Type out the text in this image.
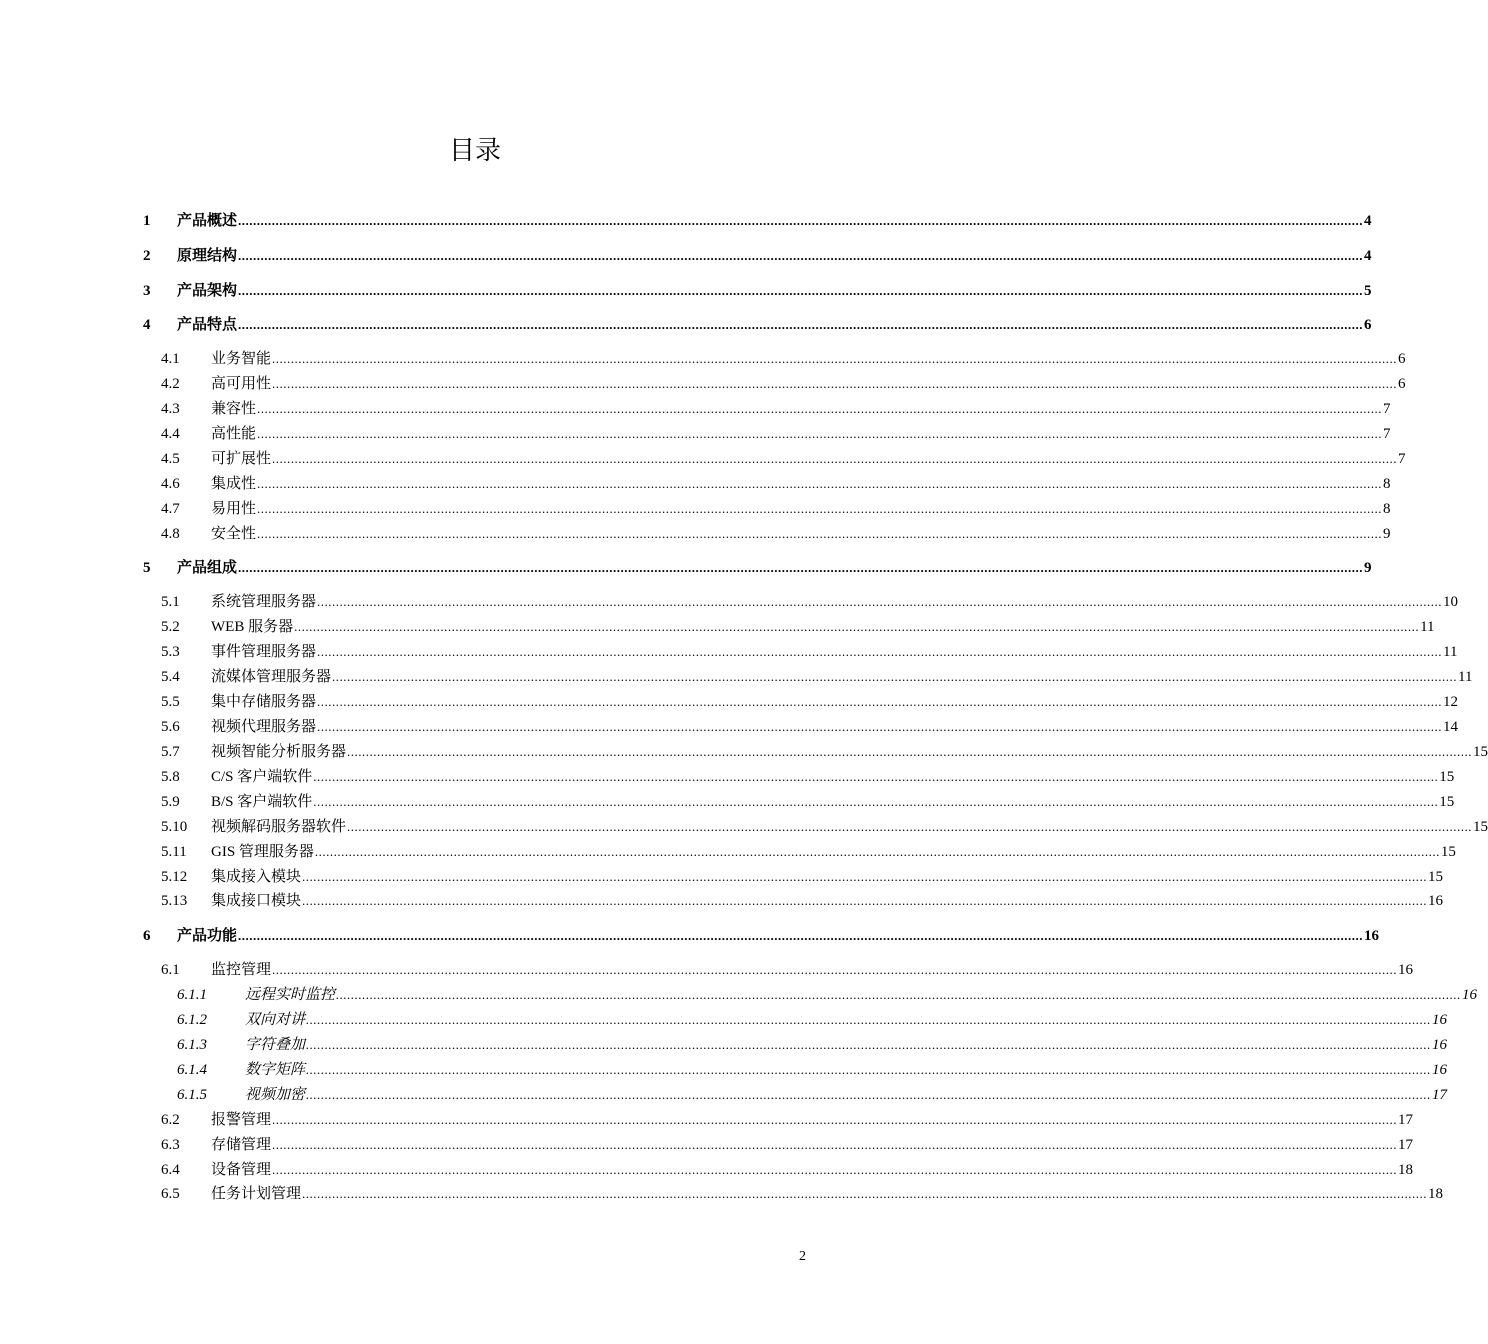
目录
1 产品概述 ............................................................................................................................................................................................................................................................................................................ 4
2 原理结构 ............................................................................................................................................................................................................................................................................................................ 4
3 产品架构 ............................................................................................................................................................................................................................................................................................................ 5
4 产品特点 ............................................................................................................................................................................................................................................................................................................ 6
4.1 业务智能 ............................................................................................................................................................................................................................................................................................................ 6
4.2 高可用性 ............................................................................................................................................................................................................................................................................................................ 6
4.3 兼容性 ............................................................................................................................................................................................................................................................................................................ 7
4.4 高性能 ............................................................................................................................................................................................................................................................................................................ 7
4.5 可扩展性 ............................................................................................................................................................................................................................................................................................................ 7
4.6 集成性 ............................................................................................................................................................................................................................................................................................................ 8
4.7 易用性 ............................................................................................................................................................................................................................................................................................................ 8
4.8 安全性 ............................................................................................................................................................................................................................................................................................................ 9
5 产品组成 ............................................................................................................................................................................................................................................................................................................ 9
5.1 系统管理服务器 ............................................................................................................................................................................................................................................................................................................ 10
5.2 WEB 服务器 ............................................................................................................................................................................................................................................................................................................ 11
5.3 事件管理服务器 ............................................................................................................................................................................................................................................................................................................ 11
5.4 流媒体管理服务器 ............................................................................................................................................................................................................................................................................................................ 11
5.5 集中存储服务器 ............................................................................................................................................................................................................................................................................................................ 12
5.6 视频代理服务器 ............................................................................................................................................................................................................................................................................................................ 14
5.7 视频智能分析服务器 ............................................................................................................................................................................................................................................................................................................ 15
5.8 C/S 客户端软件 ............................................................................................................................................................................................................................................................................................................ 15
5.9 B/S 客户端软件 ............................................................................................................................................................................................................................................................................................................ 15
5.10 视频解码服务器软件 ............................................................................................................................................................................................................................................................................................................ 15
5.11 GIS 管理服务器 ............................................................................................................................................................................................................................................................................................................ 15
5.12 集成接入模块 ............................................................................................................................................................................................................................................................................................................ 15
5.13 集成接口模块 ............................................................................................................................................................................................................................................................................................................ 16
6 产品功能 ............................................................................................................................................................................................................................................................................................................ 16
6.1 监控管理 ............................................................................................................................................................................................................................................................................................................ 16
6.1.1	远程实时监控 ............................................................................................................................................................................................................................................................................................................ 16
6.1.2	双向对讲 ............................................................................................................................................................................................................................................................................................................ 16
6.1.3	字符叠加 ............................................................................................................................................................................................................................................................................................................ 16
6.1.4	数字矩阵 ............................................................................................................................................................................................................................................................................................................ 16
6.1.5	视频加密 ............................................................................................................................................................................................................................................................................................................ 17
6.2 报警管理 ............................................................................................................................................................................................................................................................................................................ 17
6.3 存储管理 ............................................................................................................................................................................................................................................................................................................ 17
6.4 设备管理 ............................................................................................................................................................................................................................................................................................................ 18
6.5 任务计划管理 ............................................................................................................................................................................................................................................................................................................ 18
2
